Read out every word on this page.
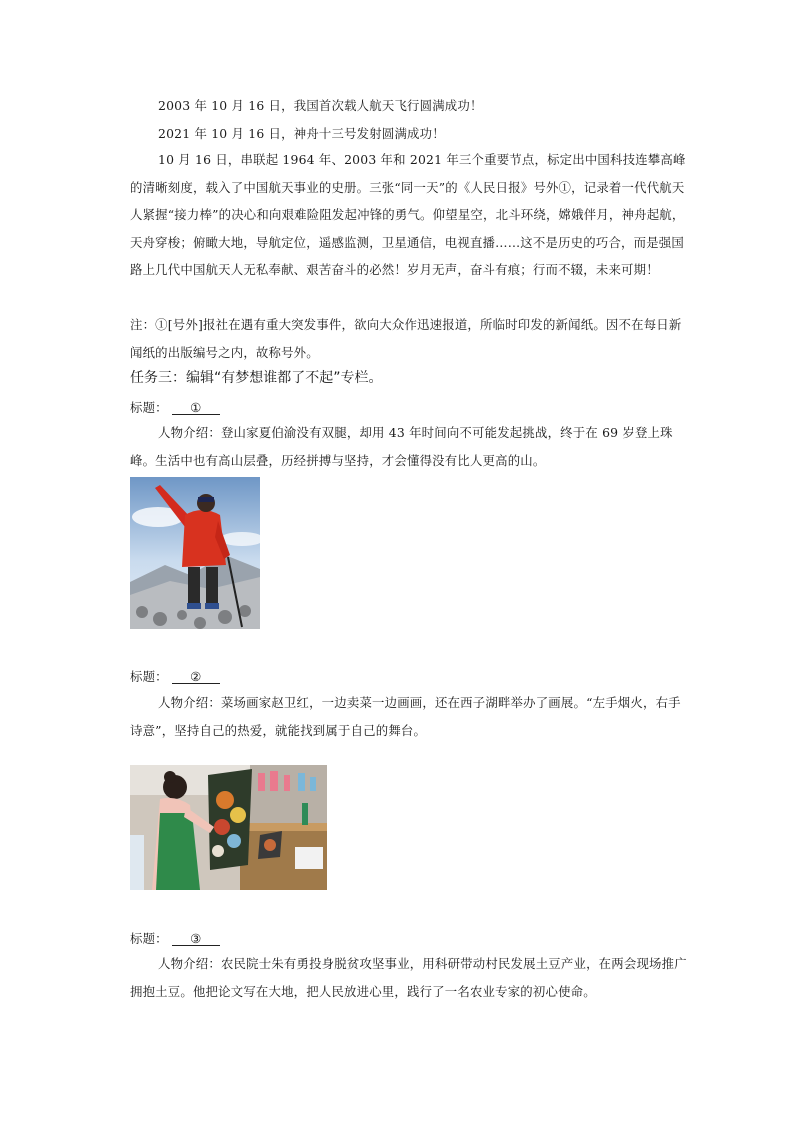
2003 年 10 月 16 日，我国首次载人航天飞行圆满成功！
2021 年 10 月 16 日，神舟十三号发射圆满成功！

10 月 16 日，串联起 1964 年、2003 年和 2021 年三个重要节点，标定出中国科技连攀高峰的清晰刻度，载入了中国航天事业的史册。三张“同一天”的《人民日报》号外①，记录着一代代航天人紧握“接力棒”的决心和向艰难险阻发起冲锋的勇气。仰望星空，北斗环绕，嫦娥伴月，神舟起航，天舟穿梭；俯瞰大地，导航定位，遥感监测，卫星通信，电视直播……这不是历史的巧合，而是强国路上几代中国航天人无私奉献、艰苦奋斗的必然！岁月无声，奋斗有痕；行而不辍，未来可期！

注：①[号外]报社在遇有重大突发事件，欲向大众作迅速报道，所临时印发的新闻纸。因不在每日新闻纸的出版编号之内，故称号外。

任务三：编辑“有梦想谁都了不起”专栏。
标题： ①

人物介绍：登山家夏伯渝没有双腿，却用 43 年时间向不可能发起挑战，终于在 69 岁登上珠峰。生活中也有高山层叠，历经拼搏与坚持，才会懂得没有比人更高的山。

标题： ②

人物介绍：菜场画家赵卫红，一边卖菜一边画画，还在西子湖畔举办了画展。“左手烟火，右手诗意”，坚持自己的热爱，就能找到属于自己的舞台。

标题： ③

人物介绍：农民院士朱有勇投身脱贫攻坚事业，用科研带动村民发展土豆产业，在两会现场推广拥抱土豆。他把论文写在大地，把人民放进心里，践行了一名农业专家的初心使命。
